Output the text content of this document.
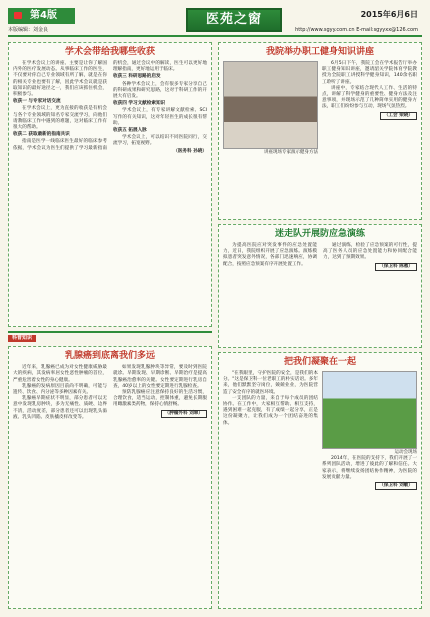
第4版
本版编辑：刘金良
医苑之窗	2015年6月6日
http://www.sgyy.com.cn E-mail:sgyyxx@126.com
学术会带给我哪些收获

在学术会议上的讲座、主要是让你了解国内外的医疗发展动态。从事临床工作的医生，不仅要对你自己专业领域有所了解，就是在你的相关专业也要有了解，因此学术会议就是获取知识的最好途径之一，我们应该抓住机会，积极参与。

收获一 与专家对话交流

在学术会议上，更为直接的收获是有机会与各个专业领域的知名专家交流学习，向他们请教临床工作中遇到的难题，这对临床工作有很大的帮助。

收获二 获取最新的指南共识

指南是医学一线临床医生最好的临床参考依据，学术会议为医生们提供了学习最新指南的机会，通过会议中的解读，医生可以更好地理解指南，更好地运用于临床。

收获三 科研思路的启发

各种学术会议上，会有很多专家分享自己的科研成果和研究思路，这对于科研工作的开展大有启发。

收获四 学习文献检索知识

学术会议上，有专家讲解文献检索、SCI写作的有关知识，这对年轻医生的成长很有帮助。

收获五 拓展人脉

学术会议上，可以结识不同医院同行，交流学习，拓宽视野。

（医务科 孙晓）

科普知识
乳腺癌到底离我们多远

近年来，乳腺癌已成为对女性健康威胁最大的疾病，其发病率居女性恶性肿瘤的首位，严重危害着女性的身心健康。

乳腺癌的发病原因目前尚不明确，可能与遗传、饮食、内分泌等多种因素有关。

乳腺癌早期症状不明显，部分患者可以无意中发现乳房肿块，多为无痛性、质硬、边界不清，活动度差，部分患者还可以出现乳头溢液、乳头凹陷、皮肤橘皮样改变等。

如果发现乳腺肿块等异常，要及时到医院就诊。早期发现、早期诊断、早期治疗是提高乳腺癌治愈率的关键。女性要定期进行乳房自查，40岁以上的女性要定期进行乳腺检查。

预防乳腺癌应注意保持良好的生活习惯，合理饮食，适当运动，控制体重，避免长期服用雌激素类药物，保持心情舒畅。

（肿瘤外科 刘翠）

我院举办职工健身知识讲座
讲座现场专家演示健身方法

6月5日下午，我院工会在学术报告厅举办职工健身知识讲座，邀请韶关学院体育学院教授为全院职工讲授科学健身知识，140余名职工聆听了讲座。

讲座中，专家结合现代人工作、生活的特点，讲解了科学健身的重要性、健身方法及注意事项，并现场示范了几种简单实用的健身方法，职工们纷纷参与互动，现场气氛热烈。

（工会 梁晓）

迷走队开展防应急演练

为提高医院应对突发事件的应急处置能力，近日，我院组织开展了应急演练。演练模拟患者突发意外情况，各部门迅速响应，协调配合，按照应急预案有序开展处置工作。

通过演练，检验了应急预案的可行性，提高了医务人员的应急处置能力和协同配合能力，达到了预期效果。

（保卫科 陈惠）

把我们凝聚在一起

"在我眼里，守护医院的安全，是我们的本分。"这是保卫科一位老职工的朴实话语。多年来，他们默默坚守岗位，兢兢业业，为医院营造了安全有序的就医环境。

一支团队的力量，来自于每个成员的团结协作。在工作中，大家相互帮助、相互支持，遇到困难一起克服，有了成绩一起分享，正是这份凝聚力，让我们成为一个团结奋进的集体。

运动会现场

2014年，在医院的支持下，我们开展了一系列团队活动，增进了彼此的了解和信任。大家表示，将继续发扬团结协作精神，为医院的发展贡献力量。

（保卫科 刘敏）
